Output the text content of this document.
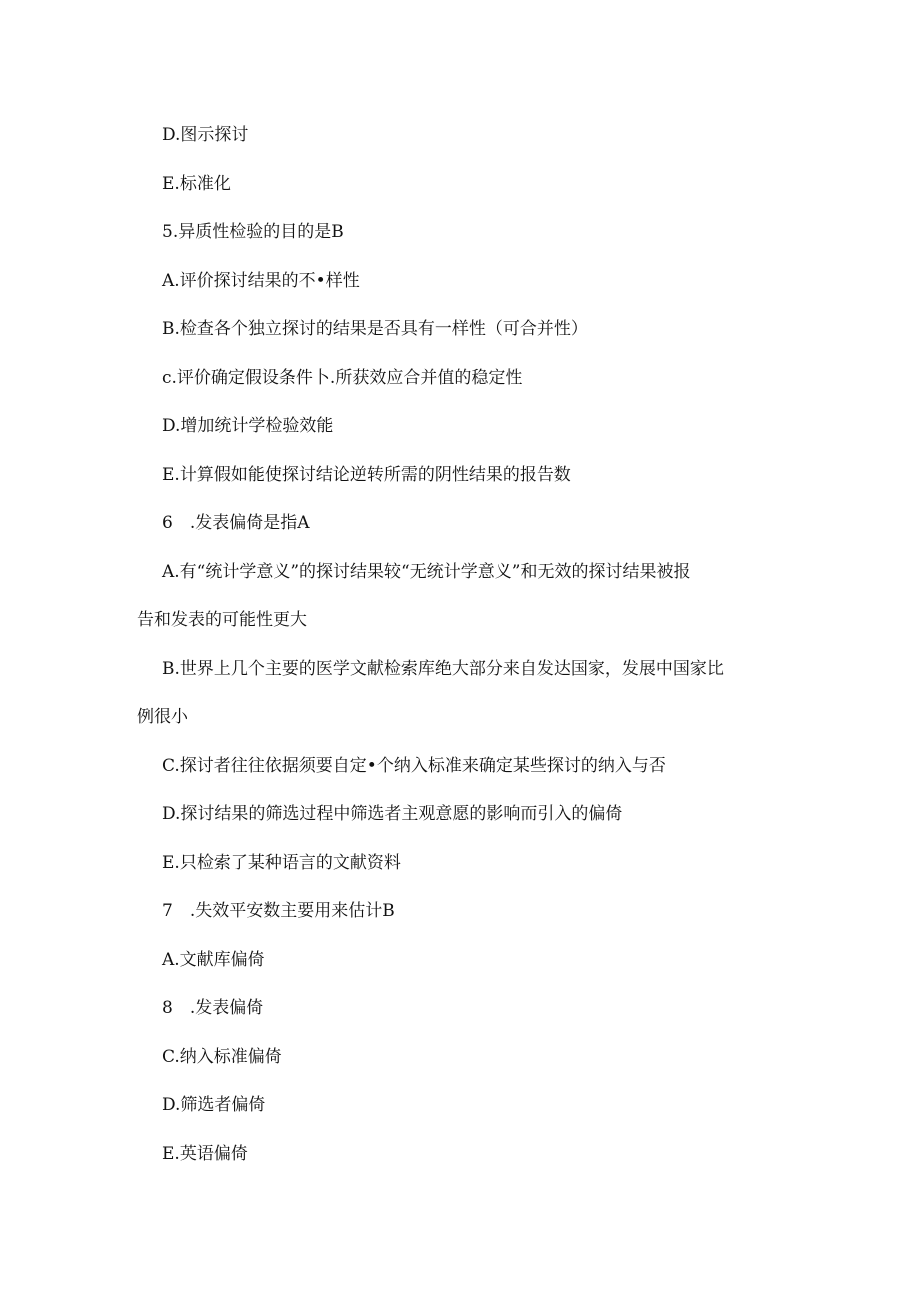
D.图示探讨
E.标准化
5.异质性检验的目的是B
A.评价探讨结果的不•样性
B.检查各个独立探讨的结果是否具有一样性（可合并性）
c.评价确定假设条件卜.所获效应合并值的稳定性
D.增加统计学检验效能
E.计算假如能使探讨结论逆转所需的阴性结果的报告数
6　.发表偏倚是指A
A.有“统计学意义”的探讨结果较“无统计学意义”和无效的探讨结果被报
告和发表的可能性更大
B.世界上几个主要的医学文献检索库绝大部分来自发达国家，发展中国家比
例很小
C.探讨者往往依据须要自定•个纳入标准来确定某些探讨的纳入与否
D.探讨结果的筛选过程中筛选者主观意愿的影响而引入的偏倚
E.只检索了某种语言的文献资料
7　.失效平安数主要用来估计B
A.文献库偏倚
8　.发表偏倚
C.纳入标准偏倚
D.筛选者偏倚
E.英语偏倚
